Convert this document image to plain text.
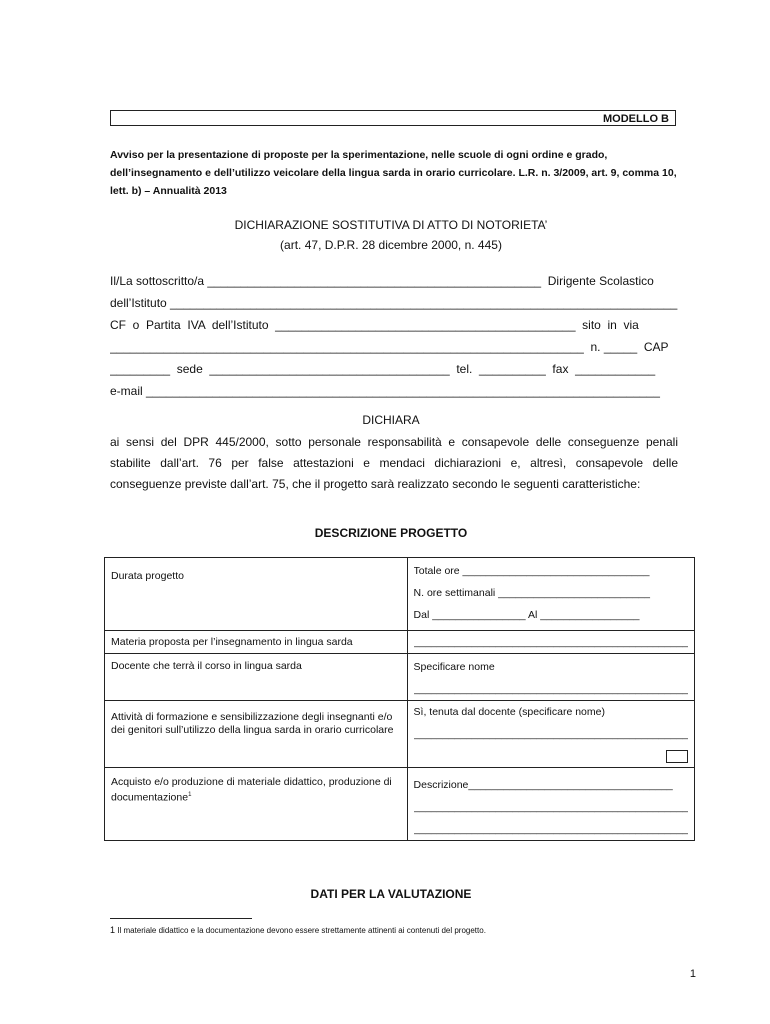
MODELLO B
Avviso per la presentazione di proposte per la sperimentazione, nelle scuole di ogni ordine e grado, dell’insegnamento e dell’utilizzo veicolare della lingua sarda in orario curricolare. L.R. n. 3/2009, art. 9, comma 10, lett. b) – Annualità 2013
DICHIARAZIONE SOSTITUTIVA DI ATTO DI NOTORIETA’
(art. 47, D.P.R. 28 dicembre 2000, n. 445)
Il/La sottoscritto/a __________________________________________________  Dirigente Scolastico
dell’Istituto ____________________________________________________________________________
CF  o  Partita  IVA  dell’Istituto  _____________________________________________  sito  in  via
_______________________________________________________________________  n. _____  CAP
_________  sede  ____________________________________  tel.  __________  fax  ____________
e-mail _____________________________________________________________________________
DICHIARA
ai sensi del DPR 445/2000, sotto personale responsabilità e consapevole delle conseguenze penali stabilite dall’art. 76 per false attestazioni e mendaci dichiarazioni e, altresì, consapevole delle conseguenze previste dall’art. 75, che il progetto sarà realizzato secondo le seguenti caratteristiche:
DESCRIZIONE PROGETTO
Durata progetto	Totale ore ________________________________
N. ore settimanali __________________________
Dal ________________ Al _________________

Materia proposta per l’insegnamento in lingua sarda	_______________________________________________

Docente che terrà il corso in lingua sarda	Specificare nome
_______________________________________________

Attività di formazione e sensibilizzazione degli insegnanti e/o dei genitori sull’utilizzo della lingua sarda in orario curricolare	Sì, tenuta dal docente (specificare nome)
_______________________________________________

Acquisto e/o produzione di materiale didattico, produzione di documentazione$^1$	Descrizione___________________________________
_______________________________________________
_______________________________________________
DATI PER LA VALUTAZIONE
1 Il materiale didattico e la documentazione devono essere strettamente attinenti ai contenuti del progetto.
1
